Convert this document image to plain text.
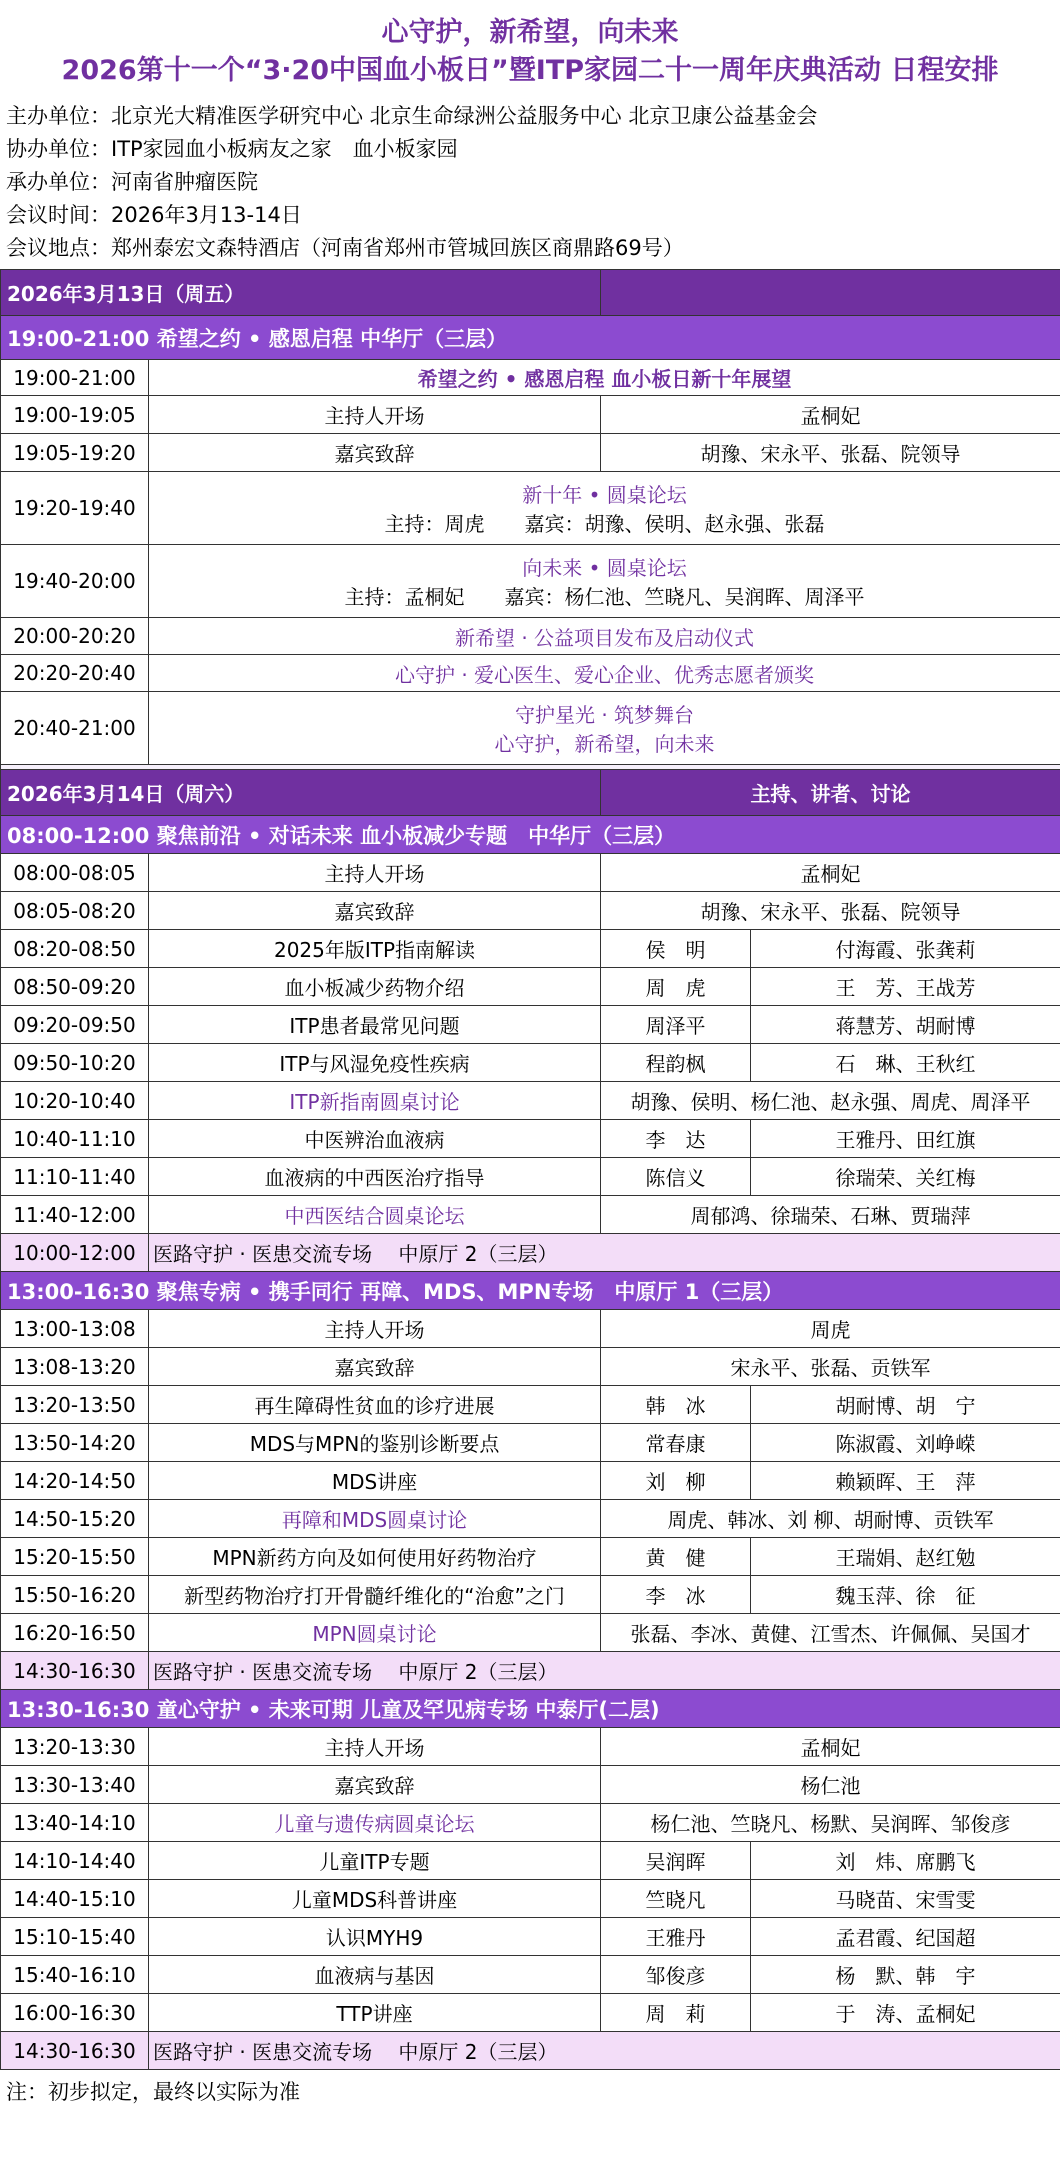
心守护，新希望，向未来
2026第十一个“3·20中国血小板日”暨ITP家园二十一周年庆典活动 日程安排
主办单位：北京光大精准医学研究中心 北京生命绿洲公益服务中心 北京卫康公益基金会
协办单位：ITP家园血小板病友之家　血小板家园
承办单位：河南省肿瘤医院
会议时间：2026年3月13-14日
会议地点：郑州泰宏文森特酒店（河南省郑州市管城回族区商鼎路69号）
2026年3月13日（周五）			
19:00-21:00 希望之约 • 感恩启程 中华厅（三层）			
19:00-21:00	希望之约 • 感恩启程 血小板日新十年展望		
19:00-19:05	主持人开场	孟桐妃	
19:05-19:20	嘉宾致辞	胡豫、宋永平、张磊、院领导	
19:20-19:40	新十年 • 圆桌论坛
主持：周虎　　嘉宾：胡豫、侯明、赵永强、张磊		

19:40-20:00	向未来 • 圆桌论坛
主持：孟桐妃　　嘉宾：杨仁池、竺晓凡、吴润晖、周泽平		

20:00-20:20	新希望 · 公益项目发布及启动仪式		
20:20-20:40	心守护 · 爱心医生、爱心企业、优秀志愿者颁奖		
20:40-21:00	守护星光 · 筑梦舞台
心守护，新希望，向未来		

2026年3月14日（周六）		主持、讲者、讨论	
08:00-12:00 聚焦前沿 • 对话未来 血小板减少专题　中华厅（三层）			
08:00-08:05	主持人开场	孟桐妃	
08:05-08:20	嘉宾致辞	胡豫、宋永平、张磊、院领导	
08:20-08:50	2025年版ITP指南解读	侯　明	付海霞、张龚莉
08:50-09:20	血小板减少药物介绍	周　虎	王　芳、王战芳
09:20-09:50	ITP患者最常见问题	周泽平	蒋慧芳、胡耐博
09:50-10:20	ITP与风湿免疫性疾病	程韵枫	石　琳、王秋红
10:20-10:40	ITP新指南圆桌讨论	胡豫、侯明、杨仁池、赵永强、周虎、周泽平	
10:40-11:10	中医辨治血液病	李　达	王雅丹、田红旗
11:10-11:40	血液病的中西医治疗指导	陈信义	徐瑞荣、关红梅
11:40-12:00	中西医结合圆桌论坛	周郁鸿、徐瑞荣、石琳、贾瑞萍	
10:00-12:00	医路守护 · 医患交流专场　 中原厅 2（三层）		
13:00-16:30 聚焦专病 • 携手同行 再障、MDS、MPN专场　中原厅 1（三层）			
13:00-13:08	主持人开场	周虎	
13:08-13:20	嘉宾致辞	宋永平、张磊、贡铁军	
13:20-13:50	再生障碍性贫血的诊疗进展	韩　冰	胡耐博、胡　宁
13:50-14:20	MDS与MPN的鉴别诊断要点	常春康	陈淑霞、刘峥嵘
14:20-14:50	MDS讲座	刘　柳	赖颖晖、王　萍
14:50-15:20	再障和MDS圆桌讨论	周虎、韩冰、刘 柳、胡耐博、贡铁军	
15:20-15:50	MPN新药方向及如何使用好药物治疗	黄　健	王瑞娟、赵红勉
15:50-16:20	新型药物治疗打开骨髓纤维化的“治愈”之门	李　冰	魏玉萍、徐　征
16:20-16:50	MPN圆桌讨论	张磊、李冰、黄健、江雪杰、许佩佩、吴国才	
14:30-16:30	医路守护 · 医患交流专场　 中原厅 2（三层）		
13:30-16:30 童心守护 • 未来可期 儿童及罕见病专场 中泰厅(二层)			
13:20-13:30	主持人开场	孟桐妃	
13:30-13:40	嘉宾致辞	杨仁池	
13:40-14:10	儿童与遗传病圆桌论坛	杨仁池、竺晓凡、杨默、吴润晖、邹俊彦	
14:10-14:40	儿童ITP专题	吴润晖	刘　炜、席鹏飞
14:40-15:10	儿童MDS科普讲座	竺晓凡	马晓苗、宋雪雯
15:10-15:40	认识MYH9	王雅丹	孟君霞、纪国超
15:40-16:10	血液病与基因	邹俊彦	杨　默、韩　宇
16:00-16:30	TTP讲座	周　莉	于　涛、孟桐妃
14:30-16:30	医路守护 · 医患交流专场　 中原厅 2（三层）		
注：初步拟定，最终以实际为准
